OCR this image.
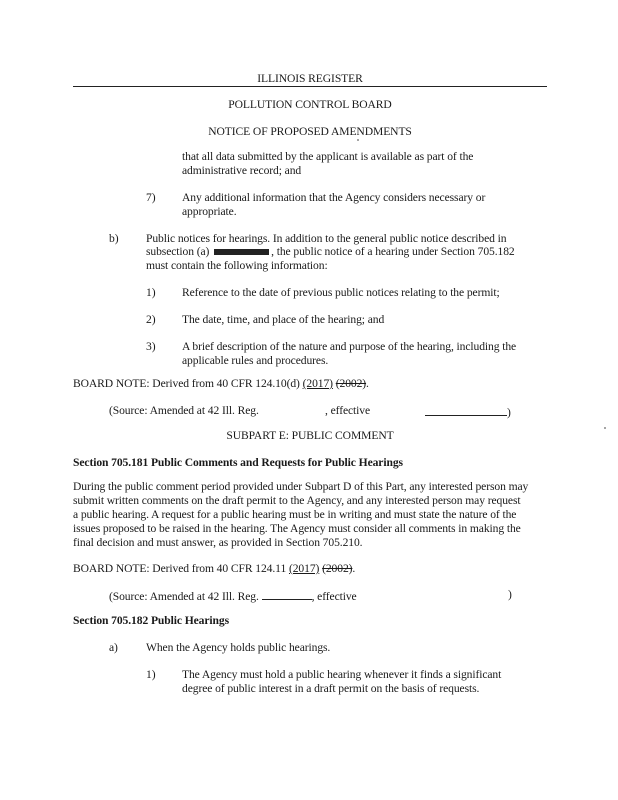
ILLINOIS REGISTER
POLLUTION CONTROL BOARD
NOTICE OF PROPOSED AMENDMENTS
that all data submitted by the applicant is available as part of the
administrative record; and
7) Any additional information that the Agency considers necessary or
appropriate.
b) Public notices for hearings. In addition to the general public notice described in
subsection (a)	, the public notice of a hearing under Section 705.182
must contain the following information:
1) Reference to the date of previous public notices relating to the permit;
2) The date, time, and place of the hearing; and
3) A brief description of the nature and purpose of the hearing, including the
applicable rules and procedures.
BOARD NOTE: Derived from 40 CFR 124.10(d) (2017) (2002).
(Source: Amended at 42 Ill. Reg.	, effective	)
SUBPART E: PUBLIC COMMENT
Section 705.181 Public Comments and Requests for Public Hearings
During the public comment period provided under Subpart D of this Part, any interested person may
submit written comments on the draft permit to the Agency, and any interested person may request
a public hearing. A request for a public hearing must be in writing and must state the nature of the
issues proposed to be raised in the hearing. The Agency must consider all comments in making the
final decision and must answer, as provided in Section 705.210.
BOARD NOTE: Derived from 40 CFR 124.11 (2017) (2002).
(Source: Amended at 42 Ill. Reg.	, effective	)
Section 705.182 Public Hearings
a) When the Agency holds public hearings.
1) The Agency must hold a public hearing whenever it finds a significant
degree of public interest in a draft permit on the basis of requests.
